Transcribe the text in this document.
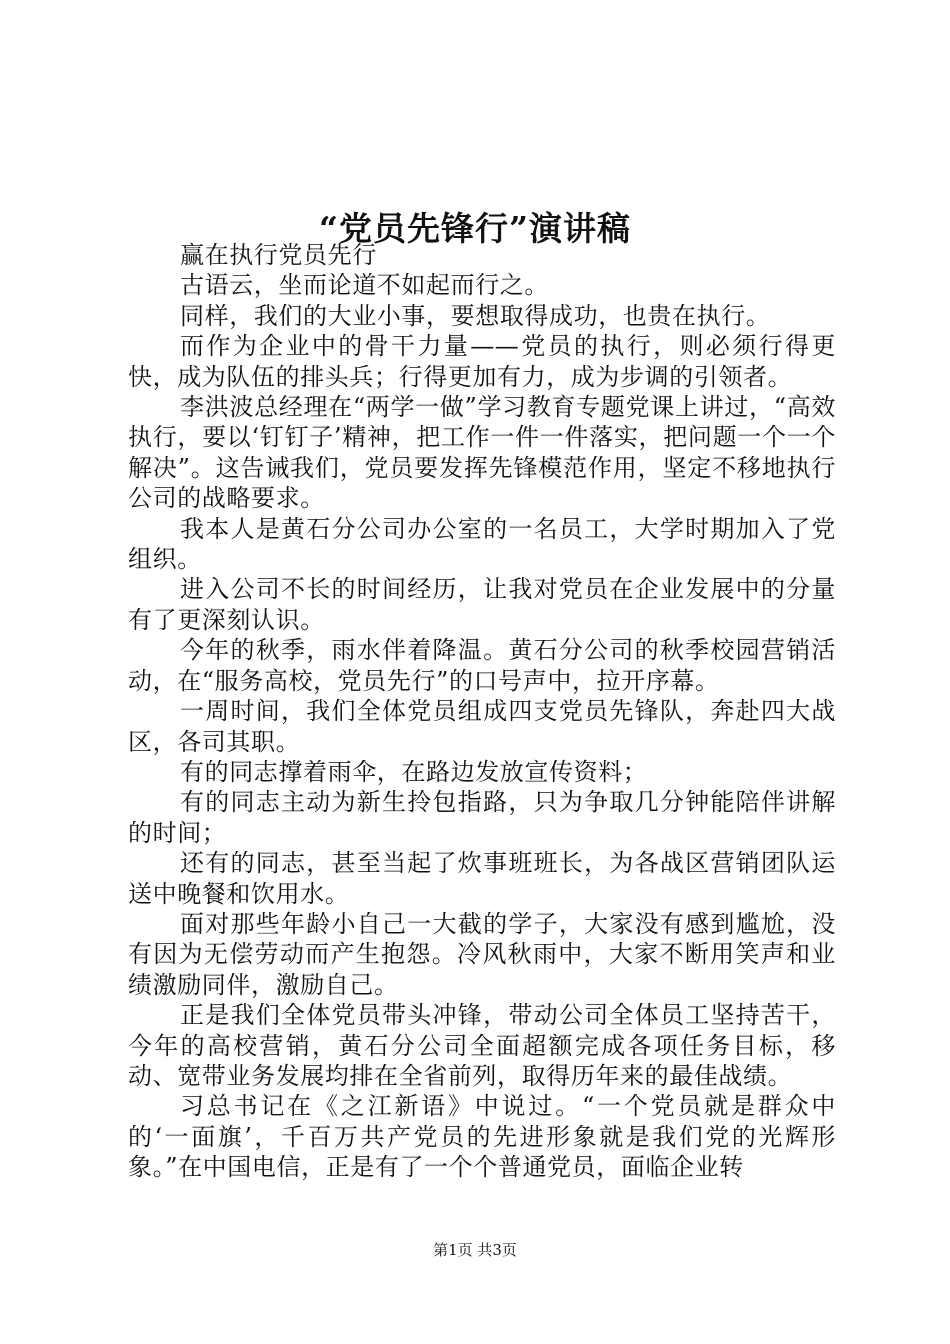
“党员先锋行”演讲稿

赢在执行党员先行

古语云，坐而论道不如起而行之。

同样，我们的大业小事，要想取得成功，也贵在执行。

而作为企业中的骨干力量——党员的执行，则必须行得更快，成为队伍的排头兵；行得更加有力，成为步调的引领者。

李洪波总经理在“两学一做”学习教育专题党课上讲过，“高效执行，要以‘钉钉子’精神，把工作一件一件落实，把问题一个一个解决”。这告诫我们，党员要发挥先锋模范作用，坚定不移地执行公司的战略要求。

我本人是黄石分公司办公室的一名员工，大学时期加入了党组织。

进入公司不长的时间经历，让我对党员在企业发展中的分量有了更深刻认识。

今年的秋季，雨水伴着降温。黄石分公司的秋季校园营销活动，在“服务高校，党员先行”的口号声中，拉开序幕。

一周时间，我们全体党员组成四支党员先锋队，奔赴四大战区，各司其职。

有的同志撑着雨伞，在路边发放宣传资料；

有的同志主动为新生拎包指路，只为争取几分钟能陪伴讲解的时间；

还有的同志，甚至当起了炊事班班长，为各战区营销团队运送中晚餐和饮用水。

面对那些年龄小自己一大截的学子，大家没有感到尴尬，没有因为无偿劳动而产生抱怨。冷风秋雨中，大家不断用笑声和业绩激励同伴，激励自己。

正是我们全体党员带头冲锋，带动公司全体员工坚持苦干，今年的高校营销，黄石分公司全面超额完成各项任务目标，移动、宽带业务发展均排在全省前列，取得历年来的最佳战绩。

习总书记在《之江新语》中说过。“一个党员就是群众中的‘一面旗’，千百万共产党员的先进形象就是我们党的光辉形象。”在中国电信，正是有了一个个普通党员，面临企业转

第1页 共3页
